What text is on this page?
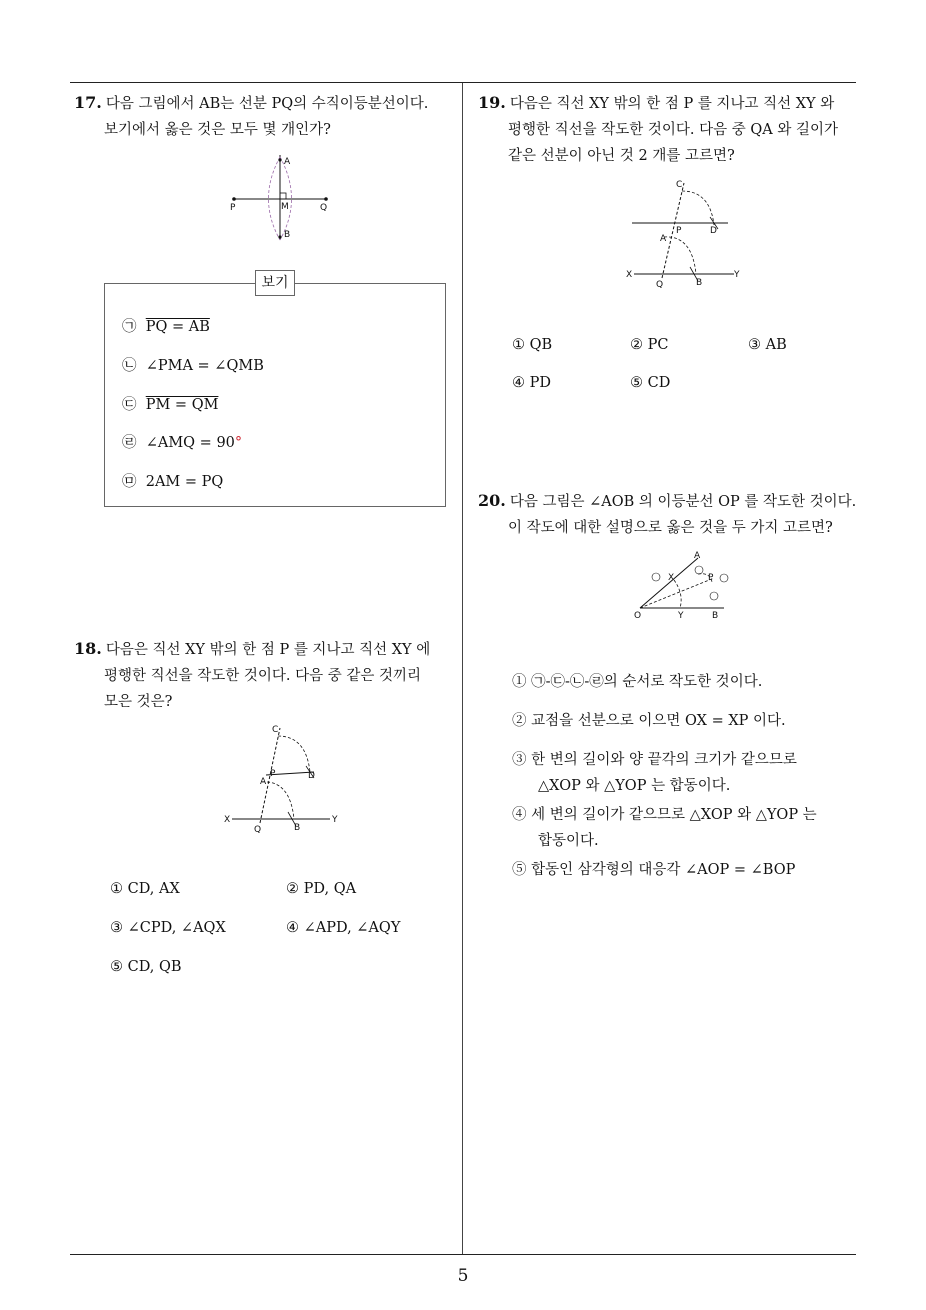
17. 다음 그림에서 AB는 선분 PQ의 수직이등분선이다.
보기에서 옳은 것은 모두 몇 개인가?
A
B
P	Q
M
보기
㉠ PQ = AB
㉡ ∠PMA = ∠QMB
㉢ PM = QM
㉣ ∠AMQ = 90°
㉤ 2AM = PQ
18. 다음은 직선 XY 밖의 한 점 P 를 지나고 직선 XY 에
평행한 직선을 작도한 것이다. 다음 중 같은 것끼리
모은 것은?
X	Y
Q	B
A
P	D
C
① CD, AX	② PD, QA
③ ∠CPD, ∠AQX	④ ∠APD, ∠AQY
⑤ CD, QB
19. 다음은 직선 XY 밖의 한 점 P 를 지나고 직선 XY 와
평행한 직선을 작도한 것이다. 다음 중 QA 와 길이가
같은 선분이 아닌 것 2 개를 고르면?
X	Y
Q	B
A
P	D
C
① QB	② PC	③ AB
④ PD	⑤ CD
20. 다음 그림은 ∠AOB 의 이등분선 OP 를 작도한 것이다.
이 작도에 대한 설명으로 옳은 것을 두 가지 고르면?
O	Y	B
A
X	P
① ㉠-㉢-㉡-㉣의 순서로 작도한 것이다.
② 교점을 선분으로 이으면 OX = XP 이다.
③ 한 변의 길이와 양 끝각의 크기가 같으므로
△XOP 와 △YOP 는 합동이다.
④ 세 변의 길이가 같으므로 △XOP 와 △YOP 는
합동이다.
⑤ 합동인 삼각형의 대응각 ∠AOP = ∠BOP
5
